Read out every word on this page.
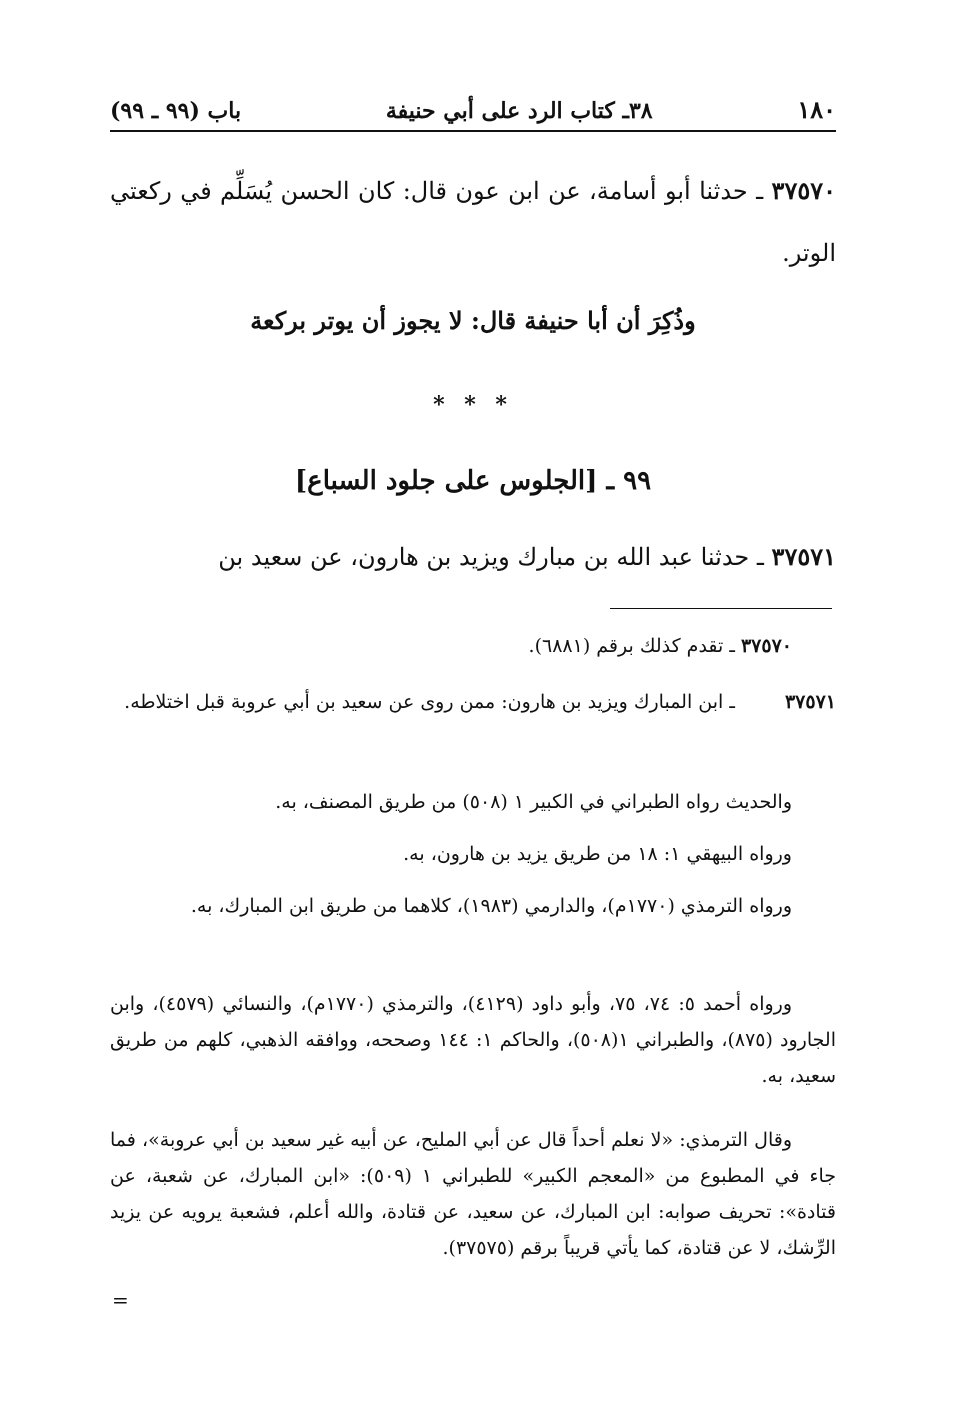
١٨٠
٣٨ـ كتاب الرد على أبي حنيفة
باب (٩٩ ـ ٩٩)
٣٧٥٧٠ ـ حدثنا أبو أسامة، عن ابن عون قال: كان الحسن يُسَلِّم في ركعتي الوتر.
وذُكِرَ أن أبا حنيفة قال: لا يجوز أن يوتر بركعة
* * *
٩٩ ـ [الجلوس على جلود السباع]
٣٧٥٧١ ـ حدثنا عبد الله بن مبارك ويزيد بن هارون، عن سعيد بن
٣٧٥٧٠ ـ تقدم كذلك برقم (٦٨٨١).
٣٧٥٧١ ـ ابن المبارك ويزيد بن هارون: ممن روى عن سعيد بن أبي عروبة قبل اختلاطه.
والحديث رواه الطبراني في الكبير ١ (٥٠٨) من طريق المصنف، به.
ورواه البيهقي ١: ١٨ من طريق يزيد بن هارون، به.
ورواه الترمذي (١٧٧٠م)، والدارمي (١٩٨٣)، كلاهما من طريق ابن المبارك، به.
ورواه أحمد ٥: ٧٤، ٧٥، وأبو داود (٤١٢٩)، والترمذي (١٧٧٠م)، والنسائي (٤٥٧٩)، وابن الجارود (٨٧٥)، والطبراني ١(٥٠٨)، والحاكم ١: ١٤٤ وصححه، ووافقه الذهبي، كلهم من طريق سعيد، به.
وقال الترمذي: «لا نعلم أحداً قال عن أبي المليح، عن أبيه غير سعيد بن أبي عروبة»، فما جاء في المطبوع من «المعجم الكبير» للطبراني ١ (٥٠٩): «ابن المبارك، عن شعبة، عن قتادة»: تحريف صوابه: ابن المبارك، عن سعيد، عن قتادة، والله أعلم، فشعبة يرويه عن يزيد الرِّشك، لا عن قتادة، كما يأتي قريباً برقم (٣٧٥٧٥).
=
